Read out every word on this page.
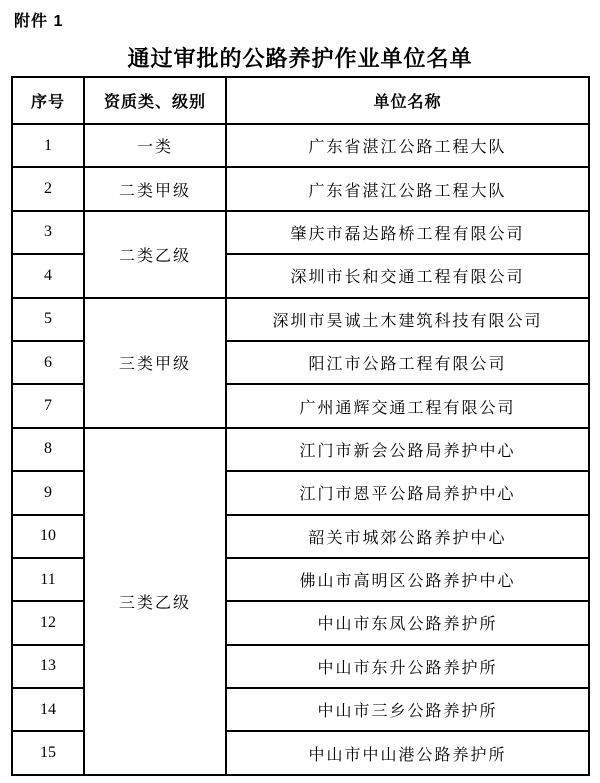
附件 1
通过审批的公路养护作业单位名单
序号	资质类、级别	单位名称
1	一类	广东省湛江公路工程大队
2	二类甲级	广东省湛江公路工程大队
3	二类乙级	肇庆市磊达路桥工程有限公司
4		深圳市长和交通工程有限公司
5	三类甲级	深圳市昊诚土木建筑科技有限公司
6		阳江市公路工程有限公司
7		广州通辉交通工程有限公司
8	三类乙级	江门市新会公路局养护中心
9		江门市恩平公路局养护中心
10		韶关市城郊公路养护中心
11		佛山市高明区公路养护中心
12		中山市东凤公路养护所
13		中山市东升公路养护所
14		中山市三乡公路养护所
15		中山市中山港公路养护所
